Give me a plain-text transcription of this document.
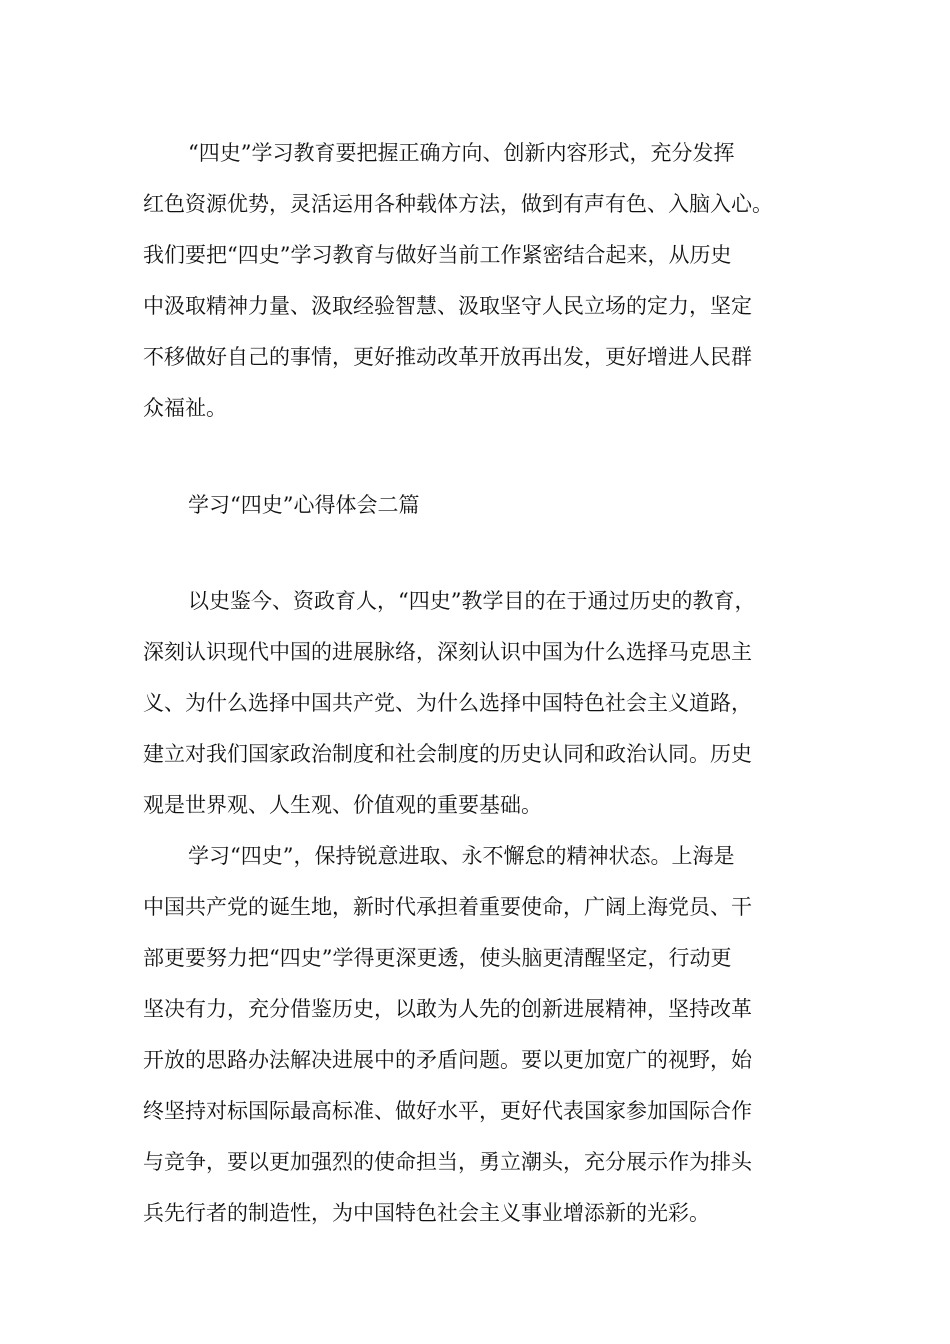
“四史”学习教育要把握正确方向、创新内容形式，充分发挥
红色资源优势，灵活运用各种载体方法，做到有声有色、入脑入心。
我们要把“四史”学习教育与做好当前工作紧密结合起来，从历史
中汲取精神力量、汲取经验智慧、汲取坚守人民立场的定力，坚定
不移做好自己的事情，更好推动改革开放再出发，更好增进人民群
众福祉。
学习“四史”心得体会二篇
以史鉴今、资政育人，“四史”教学目的在于通过历史的教育，
深刻认识现代中国的进展脉络，深刻认识中国为什么选择马克思主
义、为什么选择中国共产党、为什么选择中国特色社会主义道路，
建立对我们国家政治制度和社会制度的历史认同和政治认同。历史
观是世界观、人生观、价值观的重要基础。
学习“四史”，保持锐意进取、永不懈怠的精神状态。上海是
中国共产党的诞生地，新时代承担着重要使命，广阔上海党员、干
部更要努力把“四史”学得更深更透，使头脑更清醒坚定，行动更
坚决有力，充分借鉴历史，以敢为人先的创新进展精神，坚持改革
开放的思路办法解决进展中的矛盾问题。要以更加宽广的视野，始
终坚持对标国际最高标准、做好水平，更好代表国家参加国际合作
与竞争，要以更加强烈的使命担当，勇立潮头，充分展示作为排头
兵先行者的制造性，为中国特色社会主义事业增添新的光彩。
